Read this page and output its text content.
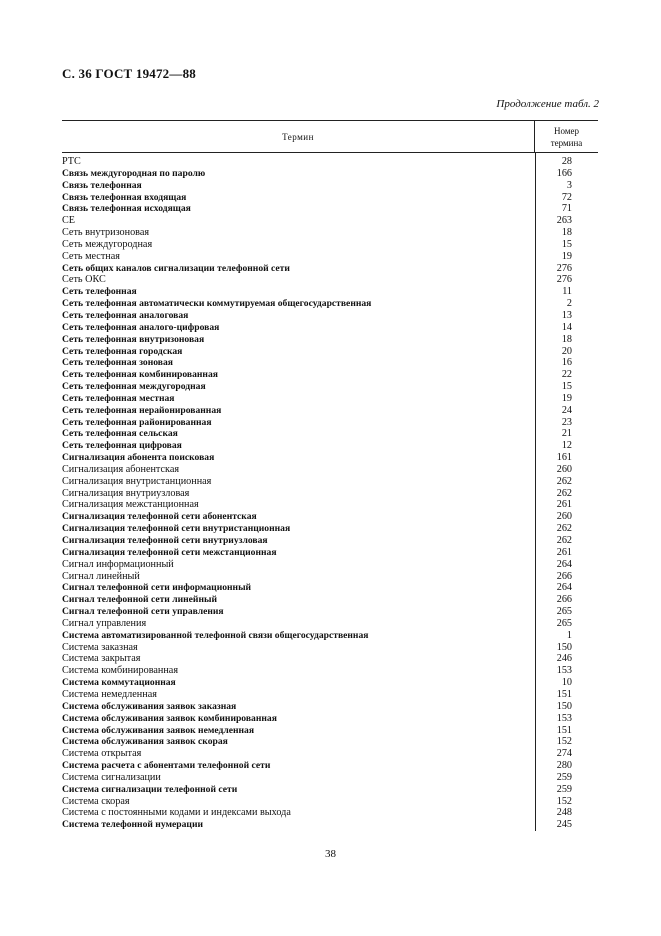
С. 36 ГОСТ 19472—88
Продолжение табл. 2
Термин
Номер
термина
РТС	28
Связь междугородная по паролю	166
Связь телефонная	3
Связь телефонная входящая	72
Связь телефонная исходящая	71
СЕ	263
Сеть внутризоновая	18
Сеть междугородная	15
Сеть местная	19
Сеть общих каналов сигнализации телефонной сети	276
Сеть ОКС	276
Сеть телефонная	11
Сеть телефонная автоматически коммутируемая общегосударственная	2
Сеть телефонная аналоговая	13
Сеть телефонная аналого-цифровая	14
Сеть телефонная внутризоновая	18
Сеть телефонная городская	20
Сеть телефонная зоновая	16
Сеть телефонная комбинированная	22
Сеть телефонная междугородная	15
Сеть телефонная местная	19
Сеть телефонная нерайонированная	24
Сеть телефонная районированная	23
Сеть телефонная сельская	21
Сеть телефонная цифровая	12
Сигнализация абонента поисковая	161
Сигнализация абонентская	260
Сигнализация внутристанционная	262
Сигнализация внутриузловая	262
Сигнализация межстанционная	261
Сигнализация телефонной сети абонентская	260
Сигнализация телефонной сети внутристанционная	262
Сигнализация телефонной сети внутриузловая	262
Сигнализация телефонной сети межстанционная	261
Сигнал информационный	264
Сигнал линейный	266
Сигнал телефонной сети информационный	264
Сигнал телефонной сети линейный	266
Сигнал телефонной сети управления	265
Сигнал управления	265
Система автоматизированной телефонной связи общегосударственная	1
Система заказная	150
Система закрытая	246
Система комбинированная	153
Система коммутационная	10
Система немедленная	151
Система обслуживания заявок заказная	150
Система обслуживания заявок комбинированная	153
Система обслуживания заявок немедленная	151
Система обслуживания заявок скорая	152
Система открытая	274
Система расчета с абонентами телефонной сети	280
Система сигнализации	259
Система сигнализации телефонной сети	259
Система скорая	152
Система с постоянными кодами и индексами выхода	248
Система телефонной нумерации	245
38
